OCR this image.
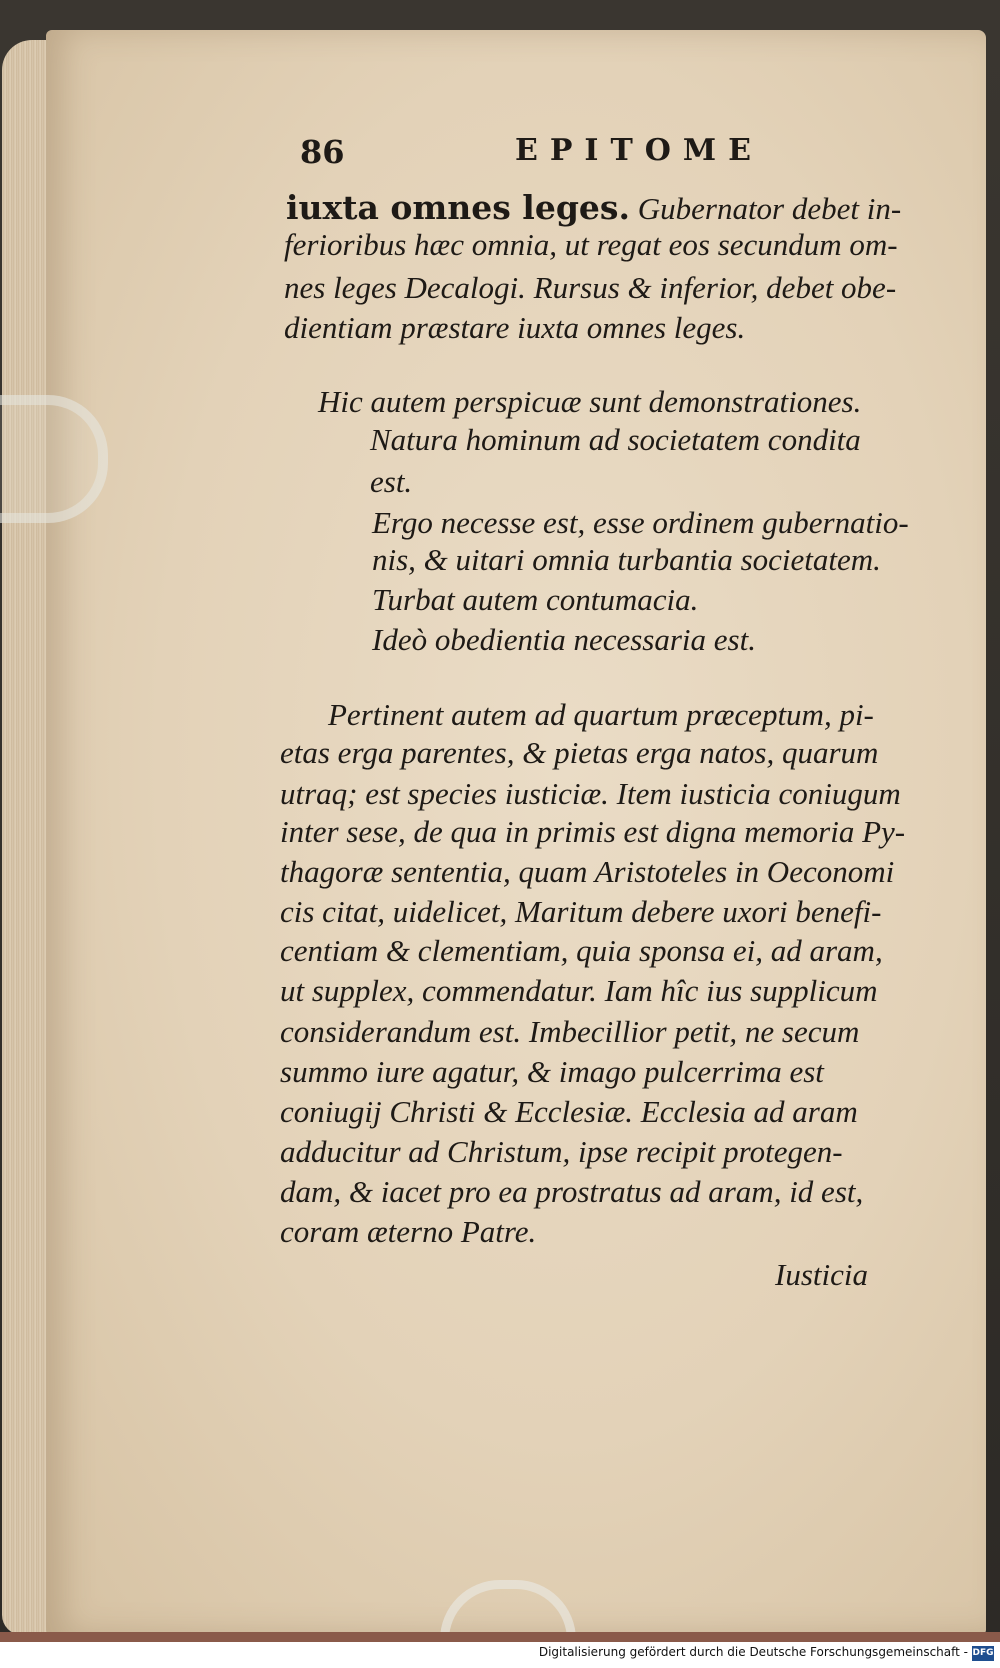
86	EPITOME
iuxta omnes leges. Gubernator debet in-
ferioribus hæc omnia, ut regat eos secundum om-
nes leges Decalogi. Rursus & inferior, debet obe-
dientiam præstare iuxta omnes leges.
Hic autem perspicuæ sunt demonstrationes.
Natura hominum ad societatem condita
est.
Ergo necesse est, esse ordinem gubernatio-
nis, & uitari omnia turbantia societatem.
Turbat autem contumacia.
Ideò obedientia necessaria est.
Pertinent autem ad quartum præceptum, pi-
etas erga parentes, & pietas erga natos, quarum
utraq; est species iusticiæ. Item iusticia coniugum
inter sese, de qua in primis est digna memoria Py-
thagoræ sententia, quam Aristoteles in Oeconomi
cis citat, uidelicet, Maritum debere uxori benefi-
centiam & clementiam, quia sponsa ei, ad aram,
ut supplex, commendatur. Iam hîc ius supplicum
considerandum est. Imbecillior petit, ne secum
summo iure agatur, & imago pulcerrima est
coniugij Christi & Ecclesiæ. Ecclesia ad aram
adducitur ad Christum, ipse recipit protegen-
dam, & iacet pro ea prostratus ad aram, id est,
coram æterno Patre.
Iusticia
Digitalisierung gefördert durch die Deutsche Forschungsgemeinschaft - DFG
